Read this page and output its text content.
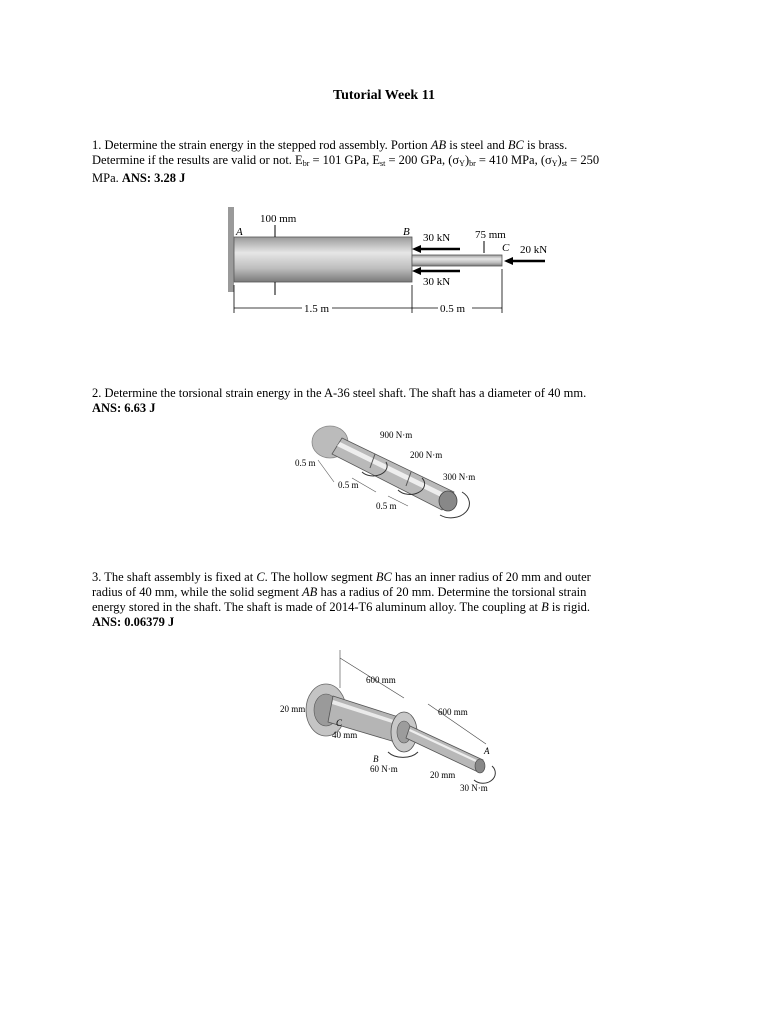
Tutorial Week 11
1. Determine the strain energy in the stepped rod assembly. Portion AB is steel and BC is brass.
Determine if the results are valid or not. $E_{br} = 101$ GPa, $E_{st} = 200$ GPa, $(\sigma_Y)_{br} = 410$ MPa, $(\sigma_Y)_{st} = 250$
MPa. ANS: 3.28 J
100 mm
A	B 30 kN
30 kN
75 mm
C 20 kN
1.5 m	0.5 m
2. Determine the torsional strain energy in the A-36 steel shaft. The shaft has a diameter of 40 mm.
ANS: 6.63 J
900 N·m
200 N·m
300 N·m
0.5 m
0.5 m
0.5 m
3. The shaft assembly is fixed at C. The hollow segment BC has an inner radius of 20 mm and outer
radius of 40 mm, while the solid segment AB has a radius of 20 mm. Determine the torsional strain
energy stored in the shaft. The shaft is made of 2014-T6 aluminum alloy. The coupling at B is rigid.
ANS: 0.06379 J
600 mm
600 mm
20 mm
40 mm
C
B
A
60 N·m
20 mm
30 N·m
